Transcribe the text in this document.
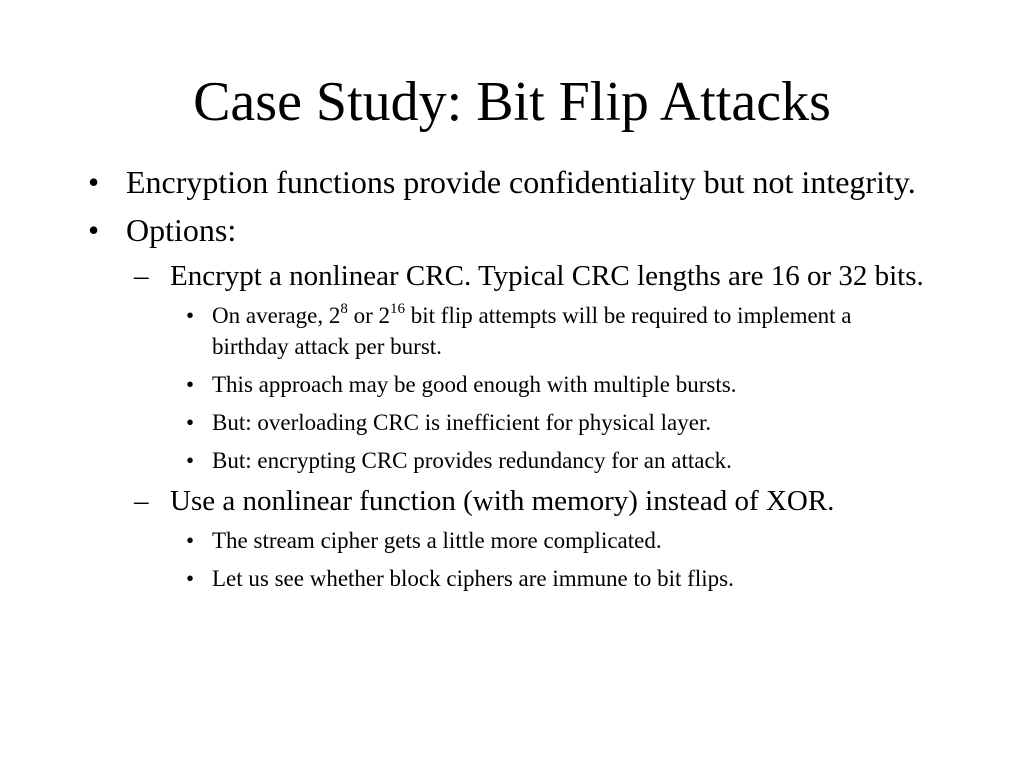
Case Study: Bit Flip Attacks
• Encryption functions provide confidentiality but not integrity.
• Options:
– Encrypt a nonlinear CRC. Typical CRC lengths are 16 or 32 bits.
• On average, $2^8$ or $2^{16}$ bit flip attempts will be required to implement a birthday attack per burst.
• This approach may be good enough with multiple bursts.
• But: overloading CRC is inefficient for physical layer.
• But: encrypting CRC provides redundancy for an attack.
– Use a nonlinear function (with memory) instead of XOR.
• The stream cipher gets a little more complicated.
• Let us see whether block ciphers are immune to bit flips.
